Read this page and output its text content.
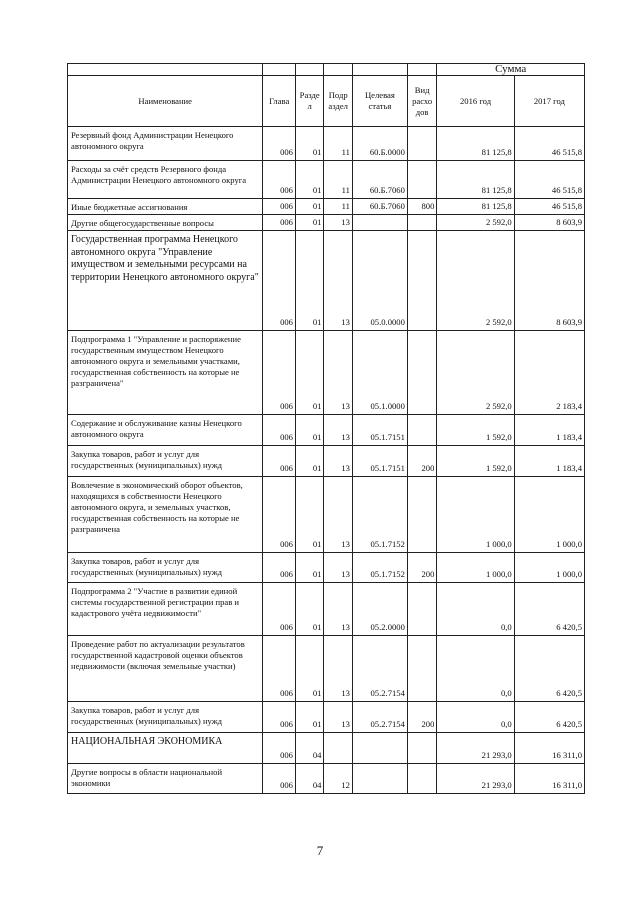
						Сумма	
Наименование	Глава	Разде л	Подр аздел	Целевая статья	Вид расхо дов	2016 год	2017 год
Резервный фонд Администрации Ненецкого автономного округа	006	01	11	60.Б.0000		81 125,8	46 515,8
Расходы за счёт средств Резервного фонда Администрации Ненецкого автономного округа	006	01	11	60.Б.7060		81 125,8	46 515,8
Иные бюджетные ассигнования	006	01	11	60.Б.7060	800	81 125,8	46 515,8
Другие общегосударственные вопросы	006	01	13			2 592,0	8 603,9
Государственная программа Ненецкого автономного округа "Управление имуществом и земельными ресурсами на территории Ненецкого автономного округа"	006	01	13	05.0.0000		2 592,0	8 603,9
Подпрограмма 1 "Управление и распоряжение государственным имуществом Ненецкого автономного округа и земельными участками, государственная собственность на которые не разграничена"	006	01	13	05.1.0000		2 592,0	2 183,4
Содержание и обслуживание казны Ненецкого автономного округа	006	01	13	05.1.7151		1 592,0	1 183,4
Закупка товаров, работ и услуг для государственных (муниципальных) нужд	006	01	13	05.1.7151	200	1 592,0	1 183,4
Вовлечение в экономический оборот объектов, находящихся в собственности Ненецкого автономного округа, и земельных участков, государственная собственность на которые не разграничена	006	01	13	05.1.7152		1 000,0	1 000,0
Закупка товаров, работ и услуг для государственных (муниципальных) нужд	006	01	13	05.1.7152	200	1 000,0	1 000,0
Подпрограмма 2 "Участие в развитии единой системы государственной регистрации прав и кадастрового учёта недвижимости"	006	01	13	05.2.0000		0,0	6 420,5
Проведение работ по актуализации результатов государственной кадастровой оценки объектов недвижимости (включая земельные участки)	006	01	13	05.2.7154		0,0	6 420,5
Закупка товаров, работ и услуг для государственных (муниципальных) нужд	006	01	13	05.2.7154	200	0,0	6 420,5
НАЦИОНАЛЬНАЯ ЭКОНОМИКА	006	04				21 293,0	16 311,0
Другие вопросы в области национальной экономики	006	04	12			21 293,0	16 311,0
7
